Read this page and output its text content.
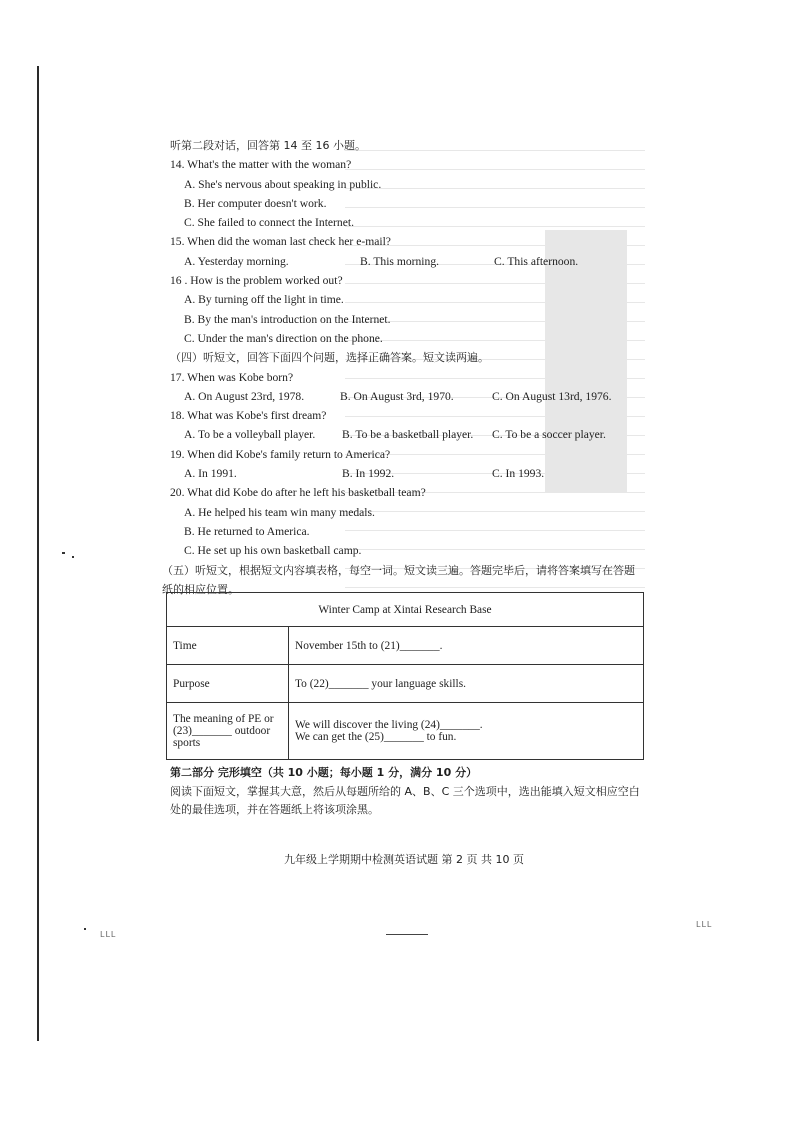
听第二段对话，回答第 14 至 16 小题。
14. What's the matter with the woman?
A. She's nervous about speaking in public.
B. Her computer doesn't work.
C. She failed to connect the Internet.
15. When did the woman last check her e-mail?
A. Yesterday morning.	B. This morning.	C. This afternoon.
16 . How is the problem worked out?
A. By turning off the light in time.
B. By the man's introduction on the Internet.
C. Under the man's direction on the phone.
（四）听短文，回答下面四个问题，选择正确答案。短文读两遍。
17. When was Kobe born?
A. On August 23rd, 1978.	B. On August 3rd, 1970.	C. On August 13rd, 1976.
18. What was Kobe's first dream?
A. To be a volleyball player.	B. To be a basketball player.	C. To be a soccer player.
19. When did Kobe's family return to America?
A. In 1991.	B. In 1992.	C. In 1993.
20. What did Kobe do after he left his basketball team?
A. He helped his team win many medals.
B. He returned to America.
C. He set up his own basketball camp.
（五）听短文，根据短文内容填表格，每空一词。短文读三遍。答题完毕后，请将答案填写在答题纸的相应位置。
Winter Camp at Xintai Research Base	
Time	November 15th to (21)_______.
Purpose	To (22)_______ your language skills.
The meaning of PE or (23)_______ outdoor sports	We will discover the living (24)_______.
We can get the (25)_______ to fun.
第二部分 完形填空（共 10 小题；每小题 1 分，满分 10 分）
阅读下面短文，掌握其大意，然后从每题所给的 A、B、C 三个选项中，选出能填入短文相应空白处的最佳选项，并在答题纸上将该项涂黑。
九年级上学期期中检测英语试题 第 2 页 共 10 页
LLL
LLL
